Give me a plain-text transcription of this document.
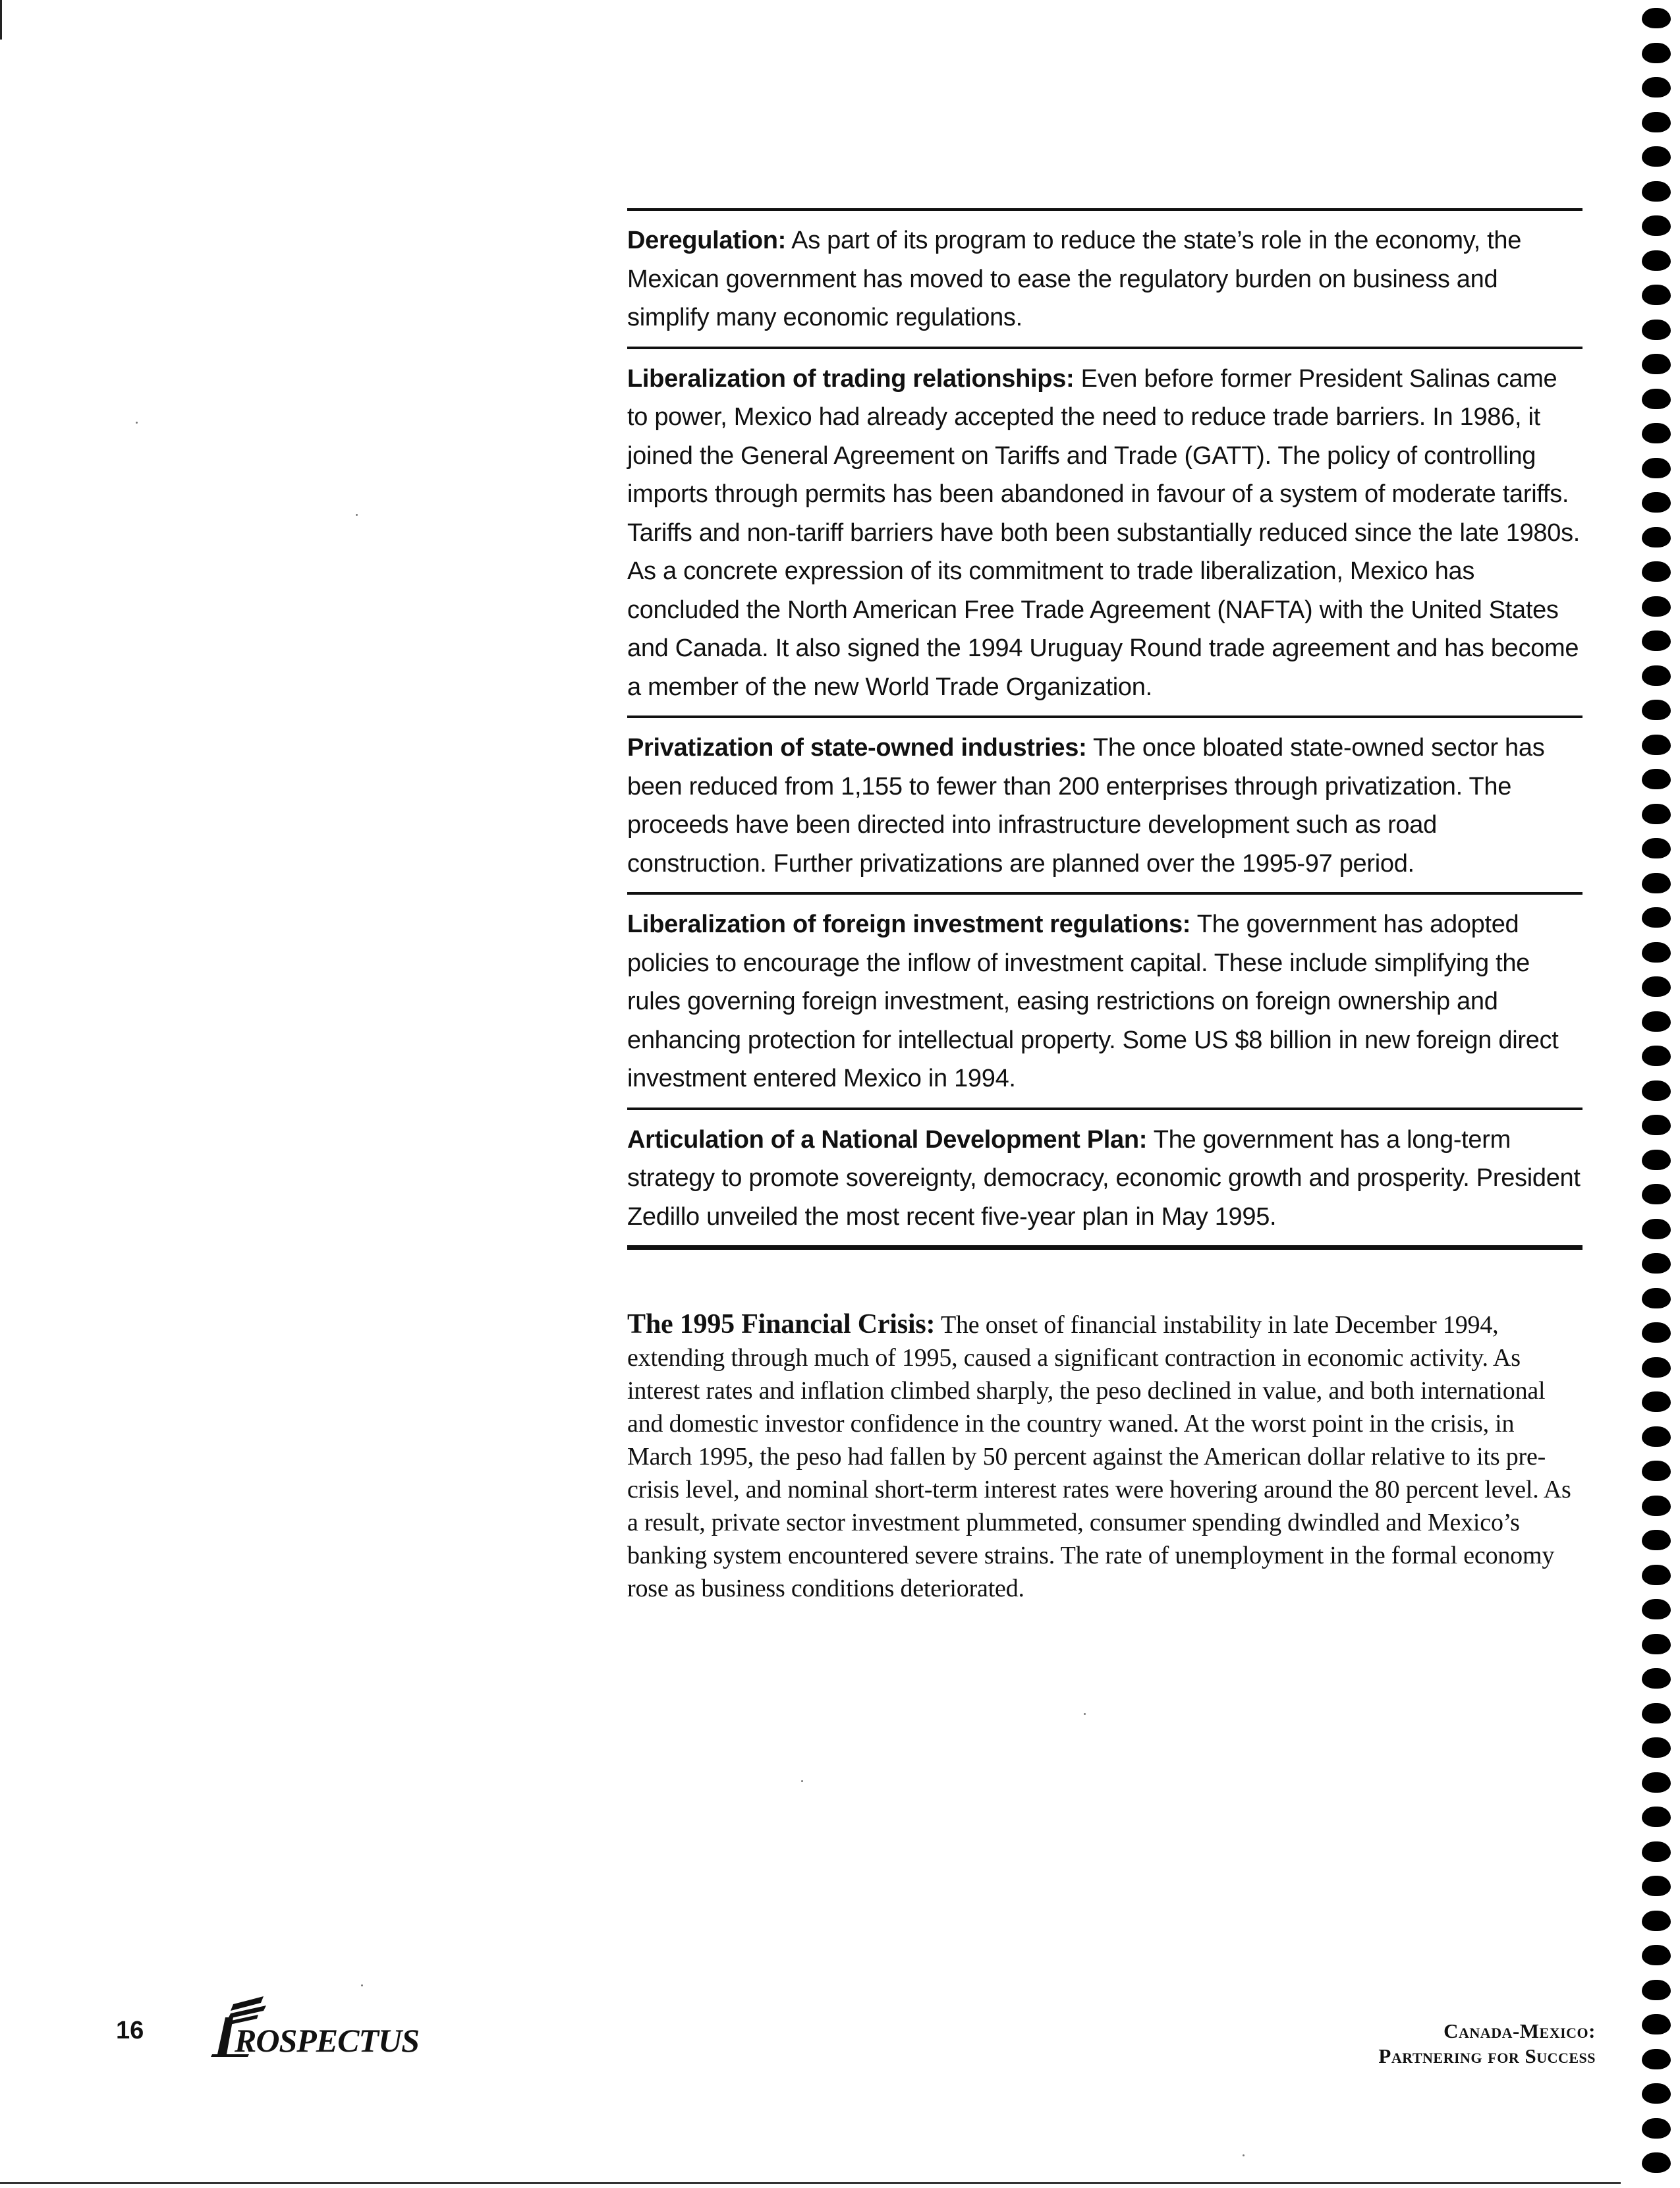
Deregulation: As part of its program to reduce the state’s role in the economy, the Mexican government has moved to ease the regulatory burden on business and simplify many economic regulations.
Liberalization of trading relationships: Even before former President Salinas came to power, Mexico had already accepted the need to reduce trade barriers. In 1986, it joined the General Agreement on Tariffs and Trade (GATT). The policy of controlling imports through permits has been abandoned in favour of a system of moderate tariffs. Tariffs and non-tariff barriers have both been substantially reduced since the late 1980s. As a concrete expression of its commitment to trade liberalization, Mexico has concluded the North American Free Trade Agreement (NAFTA) with the United States and Canada. It also signed the 1994 Uruguay Round trade agreement and has become a member of the new World Trade Organization.
Privatization of state-owned industries: The once bloated state-owned sector has been reduced from 1,155 to fewer than 200 enterprises through privatization. The proceeds have been directed into infrastructure development such as road construction. Further privatizations are planned over the 1995-97 period.
Liberalization of foreign investment regulations: The government has adopted policies to encourage the inflow of investment capital. These include simplifying the rules governing foreign investment, easing restrictions on foreign ownership and enhancing protection for intellectual property. Some US $8 billion in new foreign direct investment entered Mexico in 1994.
Articulation of a National Development Plan: The government has a long-term strategy to promote sovereignty, democracy, economic growth and prosperity. President Zedillo unveiled the most recent five-year plan in May 1995.

The 1995 Financial Crisis: The onset of financial instability in late December 1994, extending through much of 1995, caused a significant contraction in economic activity. As interest rates and inflation climbed sharply, the peso declined in value, and both international and domestic investor confidence in the country waned. At the worst point in the crisis, in March 1995, the peso had fallen by 50 percent against the American dollar relative to its pre-crisis level, and nominal short-term interest rates were hovering around the 80 percent level. As a result, private sector investment plummeted, consumer spending dwindled and Mexico’s banking system encountered severe strains. The rate of unemployment in the formal economy rose as business conditions deteriorated.

16	ROSPECTUS	Canada-Mexico:
Partnering for Success
